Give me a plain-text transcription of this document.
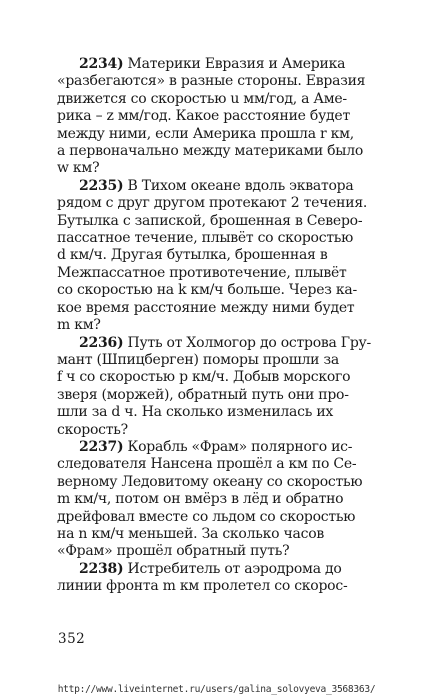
2234) Материки Евразия и Америка
«разбегаются» в разные стороны. Евразия
движется со скоростью u мм/год, а Аме-
рика – z мм/год. Какое расстояние будет
между ними, если Америка прошла r км,
а первоначально между материками было
w км?
2235) В Тихом океане вдоль экватора
рядом с друг другом протекают 2 течения.
Бутылка с запиской, брошенная в Северо-
пассатное течение, плывёт со скоростью
d км/ч. Другая бутылка, брошенная в
Межпассатное противотечение, плывёт
со скоростью на k км/ч больше. Через ка-
кое время расстояние между ними будет
m км?
2236) Путь от Холмогор до острова Гру-
мант (Шпицберген) поморы прошли за
f ч со скоростью p км/ч. Добыв морского
зверя (моржей), обратный путь они про-
шли за d ч. На сколько изменилась их
скорость?
2237) Корабль «Фрам» полярного ис-
следователя Нансена прошёл a км по Се-
верному Ледовитому океану со скоростью
m км/ч, потом он вмёрз в лёд и обратно
дрейфовал вместе со льдом со скоростью
на n км/ч меньшей. За сколько часов
«Фрам» прошёл обратный путь?
2238) Истребитель от аэродрома до
линии фронта m км пролетел со скорос-
352
http://www.liveinternet.ru/users/galina_solovyeva_3568363/
